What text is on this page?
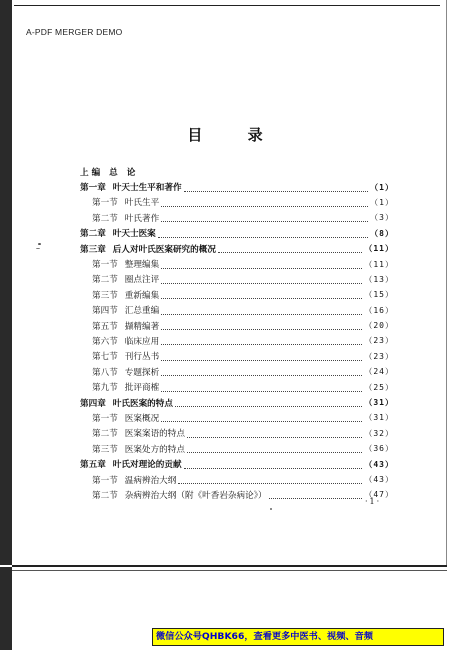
A-PDF MERGER DEMO
目 录
上编 总 论
第一章 叶天士生平和著作	（1）
第一节 叶氏生平	（1）
第二节 叶氏著作	（3）
第二章 叶天士医案	（8）
第三章 后人对叶氏医案研究的概况	（11）
第一节 整理编集	（11）
第二节 圈点注评	（13）
第三节 重新编集	（15）
第四节 汇总重编	（16）
第五节 撷精编著	（20）
第六节 临床应用	（23）
第七节 刊行丛书	（23）
第八节 专题探析	（24）
第九节 批评商榷	（25）
第四章 叶氏医案的特点	（31）
第一节 医案概况	（31）
第二节 医案案语的特点	（32）
第三节 医案处方的特点	（36）
第五章 叶氏对理论的贡献	（43）
第一节 温病辨治大纲	（43）
第二节 杂病辨治大纲（附《叶香岩杂病论》）	（47）
·1·
微信公众号QHBK66，查看更多中医书、视频、音频
